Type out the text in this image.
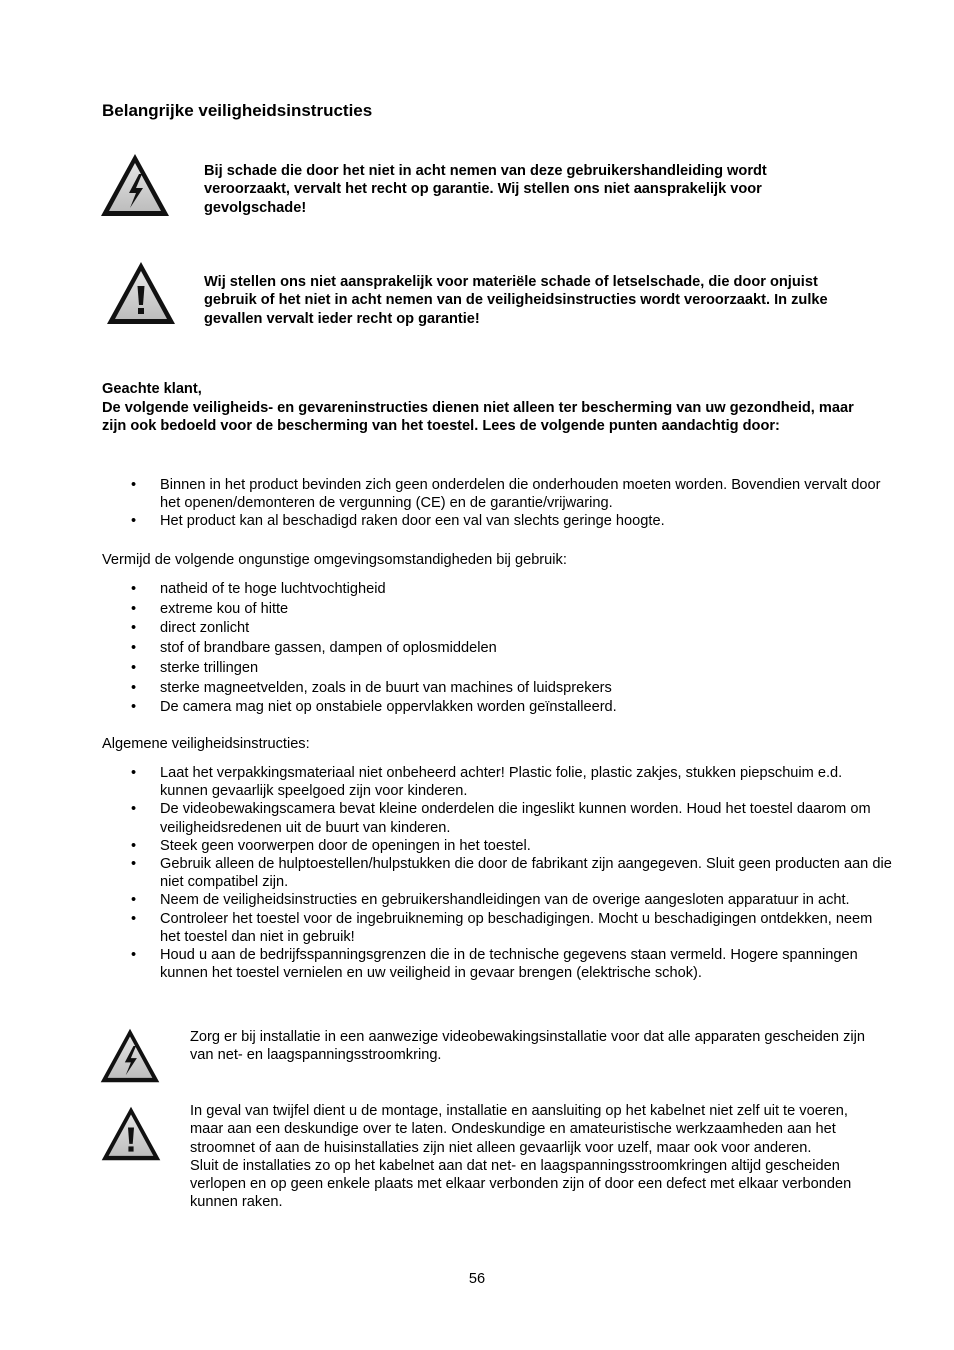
Belangrijke veiligheidsinstructies
Bij schade die door het niet in acht nemen van deze gebruikershandleiding wordt veroorzaakt, vervalt het recht op garantie. Wij stellen ons niet aansprakelijk voor gevolgschade!
Wij stellen ons niet aansprakelijk voor materiële schade of letselschade, die door onjuist gebruik of het niet in acht nemen van de veiligheidsinstructies wordt veroorzaakt. In zulke gevallen vervalt ieder recht op garantie!
Geachte klant,
De volgende veiligheids- en gevareninstructies dienen niet alleen ter bescherming van uw gezondheid, maar zijn ook bedoeld voor de bescherming van het toestel. Lees de volgende punten aandachtig door:
• Binnen in het product bevinden zich geen onderdelen die onderhouden moeten worden. Bovendien vervalt door het openen/demonteren de vergunning (CE) en de garantie/vrijwaring.
• Het product kan al beschadigd raken door een val van slechts geringe hoogte.
Vermijd de volgende ongunstige omgevingsomstandigheden bij gebruik:
• natheid of te hoge luchtvochtigheid
• extreme kou of hitte
• direct zonlicht
• stof of brandbare gassen, dampen of oplosmiddelen
• sterke trillingen
• sterke magneetvelden, zoals in de buurt van machines of luidsprekers
• De camera mag niet op onstabiele oppervlakken worden geïnstalleerd.
Algemene veiligheidsinstructies:
• Laat het verpakkingsmateriaal niet onbeheerd achter! Plastic folie, plastic zakjes, stukken piepschuim e.d. kunnen gevaarlijk speelgoed zijn voor kinderen.
• De videobewakingscamera bevat kleine onderdelen die ingeslikt kunnen worden. Houd het toestel daarom om veiligheidsredenen uit de buurt van kinderen.
• Steek geen voorwerpen door de openingen in het toestel.
• Gebruik alleen de hulptoestellen/hulpstukken die door de fabrikant zijn aangegeven. Sluit geen producten aan die niet compatibel zijn.
• Neem de veiligheidsinstructies en gebruikershandleidingen van de overige aangesloten apparatuur in acht.
• Controleer het toestel voor de ingebruikneming op beschadigingen. Mocht u beschadigingen ontdekken, neem het toestel dan niet in gebruik!
• Houd u aan de bedrijfsspanningsgrenzen die in de technische gegevens staan vermeld. Hogere spanningen kunnen het toestel vernielen en uw veiligheid in gevaar brengen (elektrische schok).
Zorg er bij installatie in een aanwezige videobewakingsinstallatie voor dat alle apparaten gescheiden zijn van net- en laagspanningsstroomkring.
In geval van twijfel dient u de montage, installatie en aansluiting op het kabelnet niet zelf uit te voeren, maar aan een deskundige over te laten. Ondeskundige en amateuristische werkzaamheden aan het stroomnet of aan de huisinstallaties zijn niet alleen gevaarlijk voor uzelf, maar ook voor anderen.
Sluit de installaties zo op het kabelnet aan dat net- en laagspanningsstroomkringen altijd gescheiden verlopen en op geen enkele plaats met elkaar verbonden zijn of door een defect met elkaar verbonden kunnen raken.
56
